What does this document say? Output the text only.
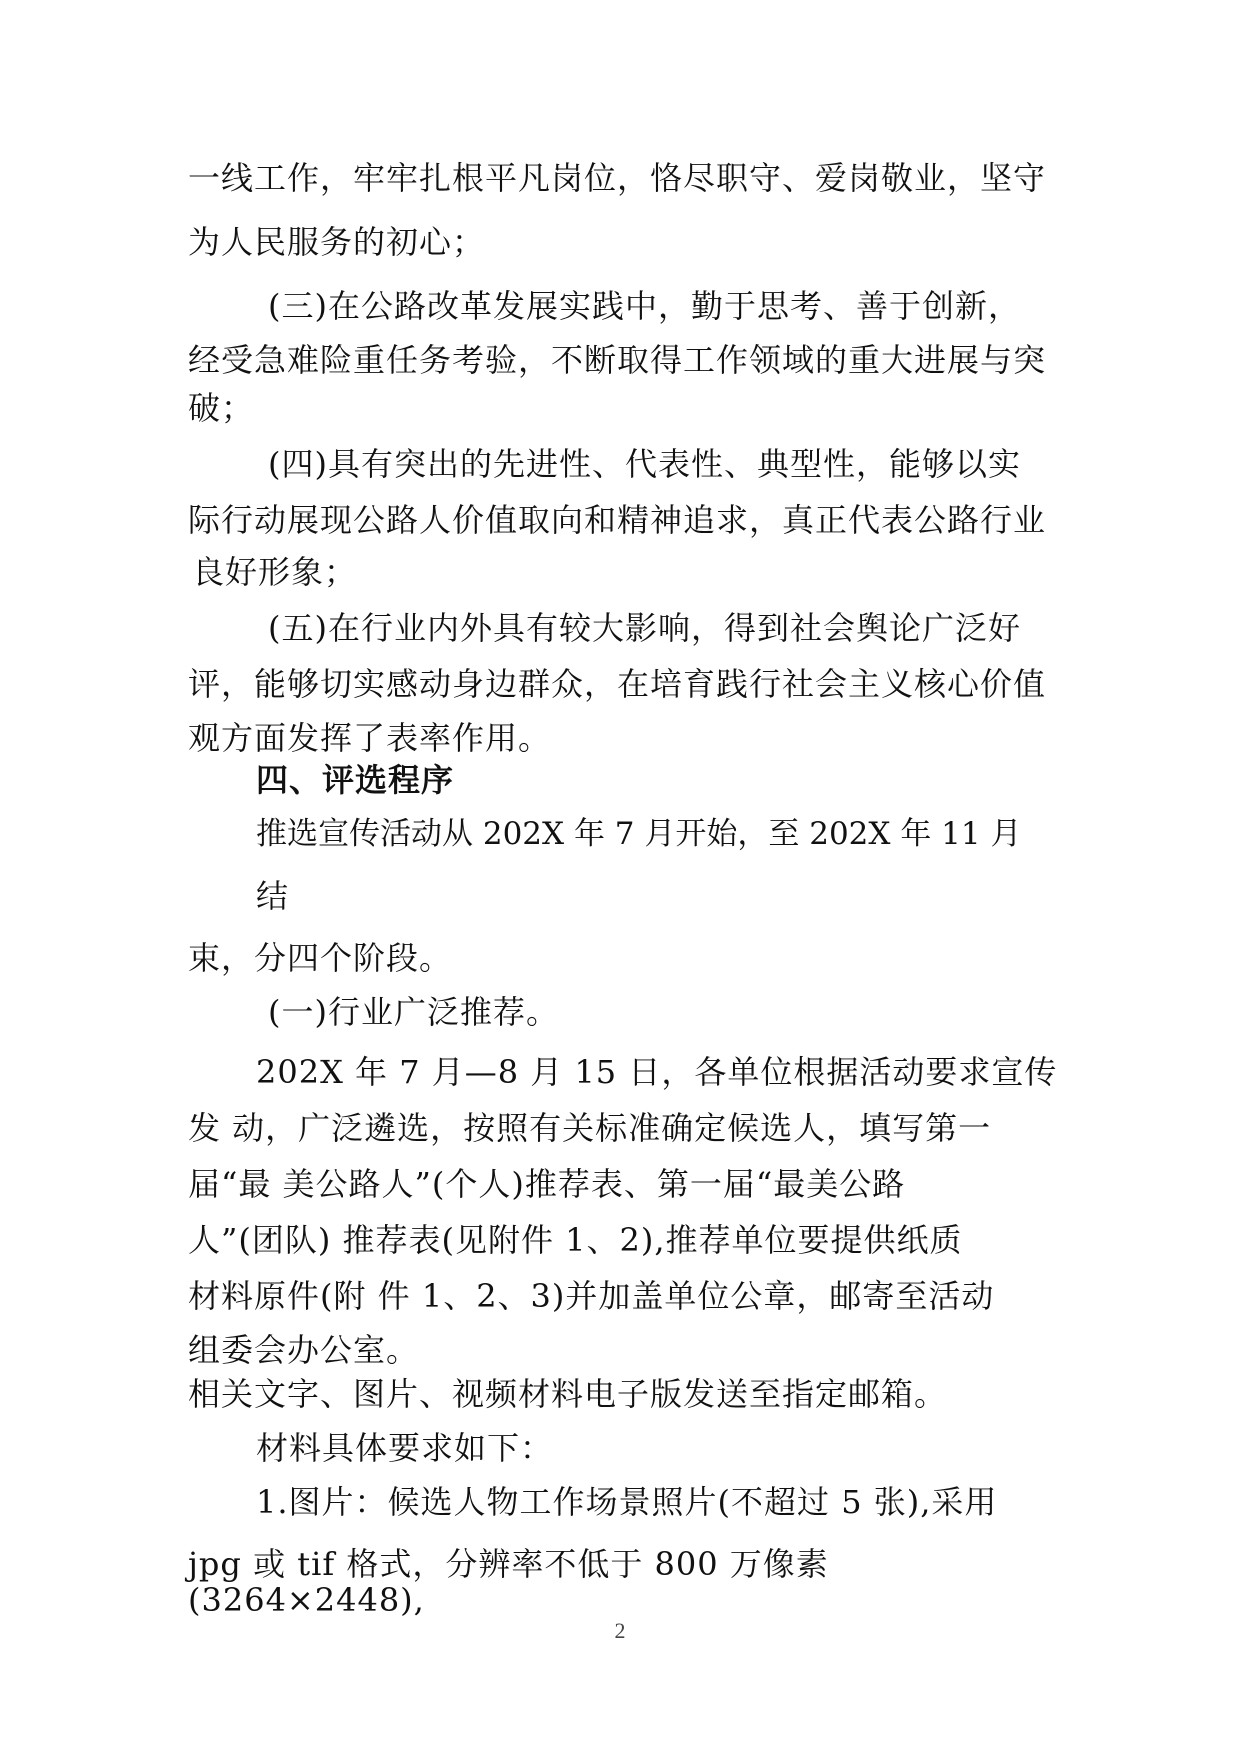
一线工作，牢牢扎根平凡岗位，恪尽职守、爱岗敬业，坚守
为人民服务的初心；
(三)在公路改革发展实践中，勤于思考、善于创新，
经受急难险重任务考验，不断取得工作领域的重大进展与突
破；
(四)具有突出的先进性、代表性、典型性，能够以实
际行动展现公路人价值取向和精神追求，真正代表公路行业
良好形象；
(五)在行业内外具有较大影响，得到社会舆论广泛好
评，能够切实感动身边群众，在培育践行社会主义核心价值
观方面发挥了表率作用。
四、评选程序
推选宣传活动从 202X 年 7 月开始，至 202X 年 11 月
结
束，分四个阶段。
(一)行业广泛推荐。
202X 年 7 月—8 月 15 日，各单位根据活动要求宣传
发 动，广泛遴选，按照有关标准确定候选人，填写第一
届“最 美公路人”(个人)推荐表、第一届“最美公路
人”(团队) 推荐表(见附件 1、2),推荐单位要提供纸质
材料原件(附 件 1、2、3)并加盖单位公章，邮寄至活动
组委会办公室。
相关文字、图片、视频材料电子版发送至指定邮箱。
材料具体要求如下：
1.图片：候选人物工作场景照片(不超过 5 张),采用
jpg 或 tif 格式，分辨率不低于 800 万像素
(3264×2448),
2
